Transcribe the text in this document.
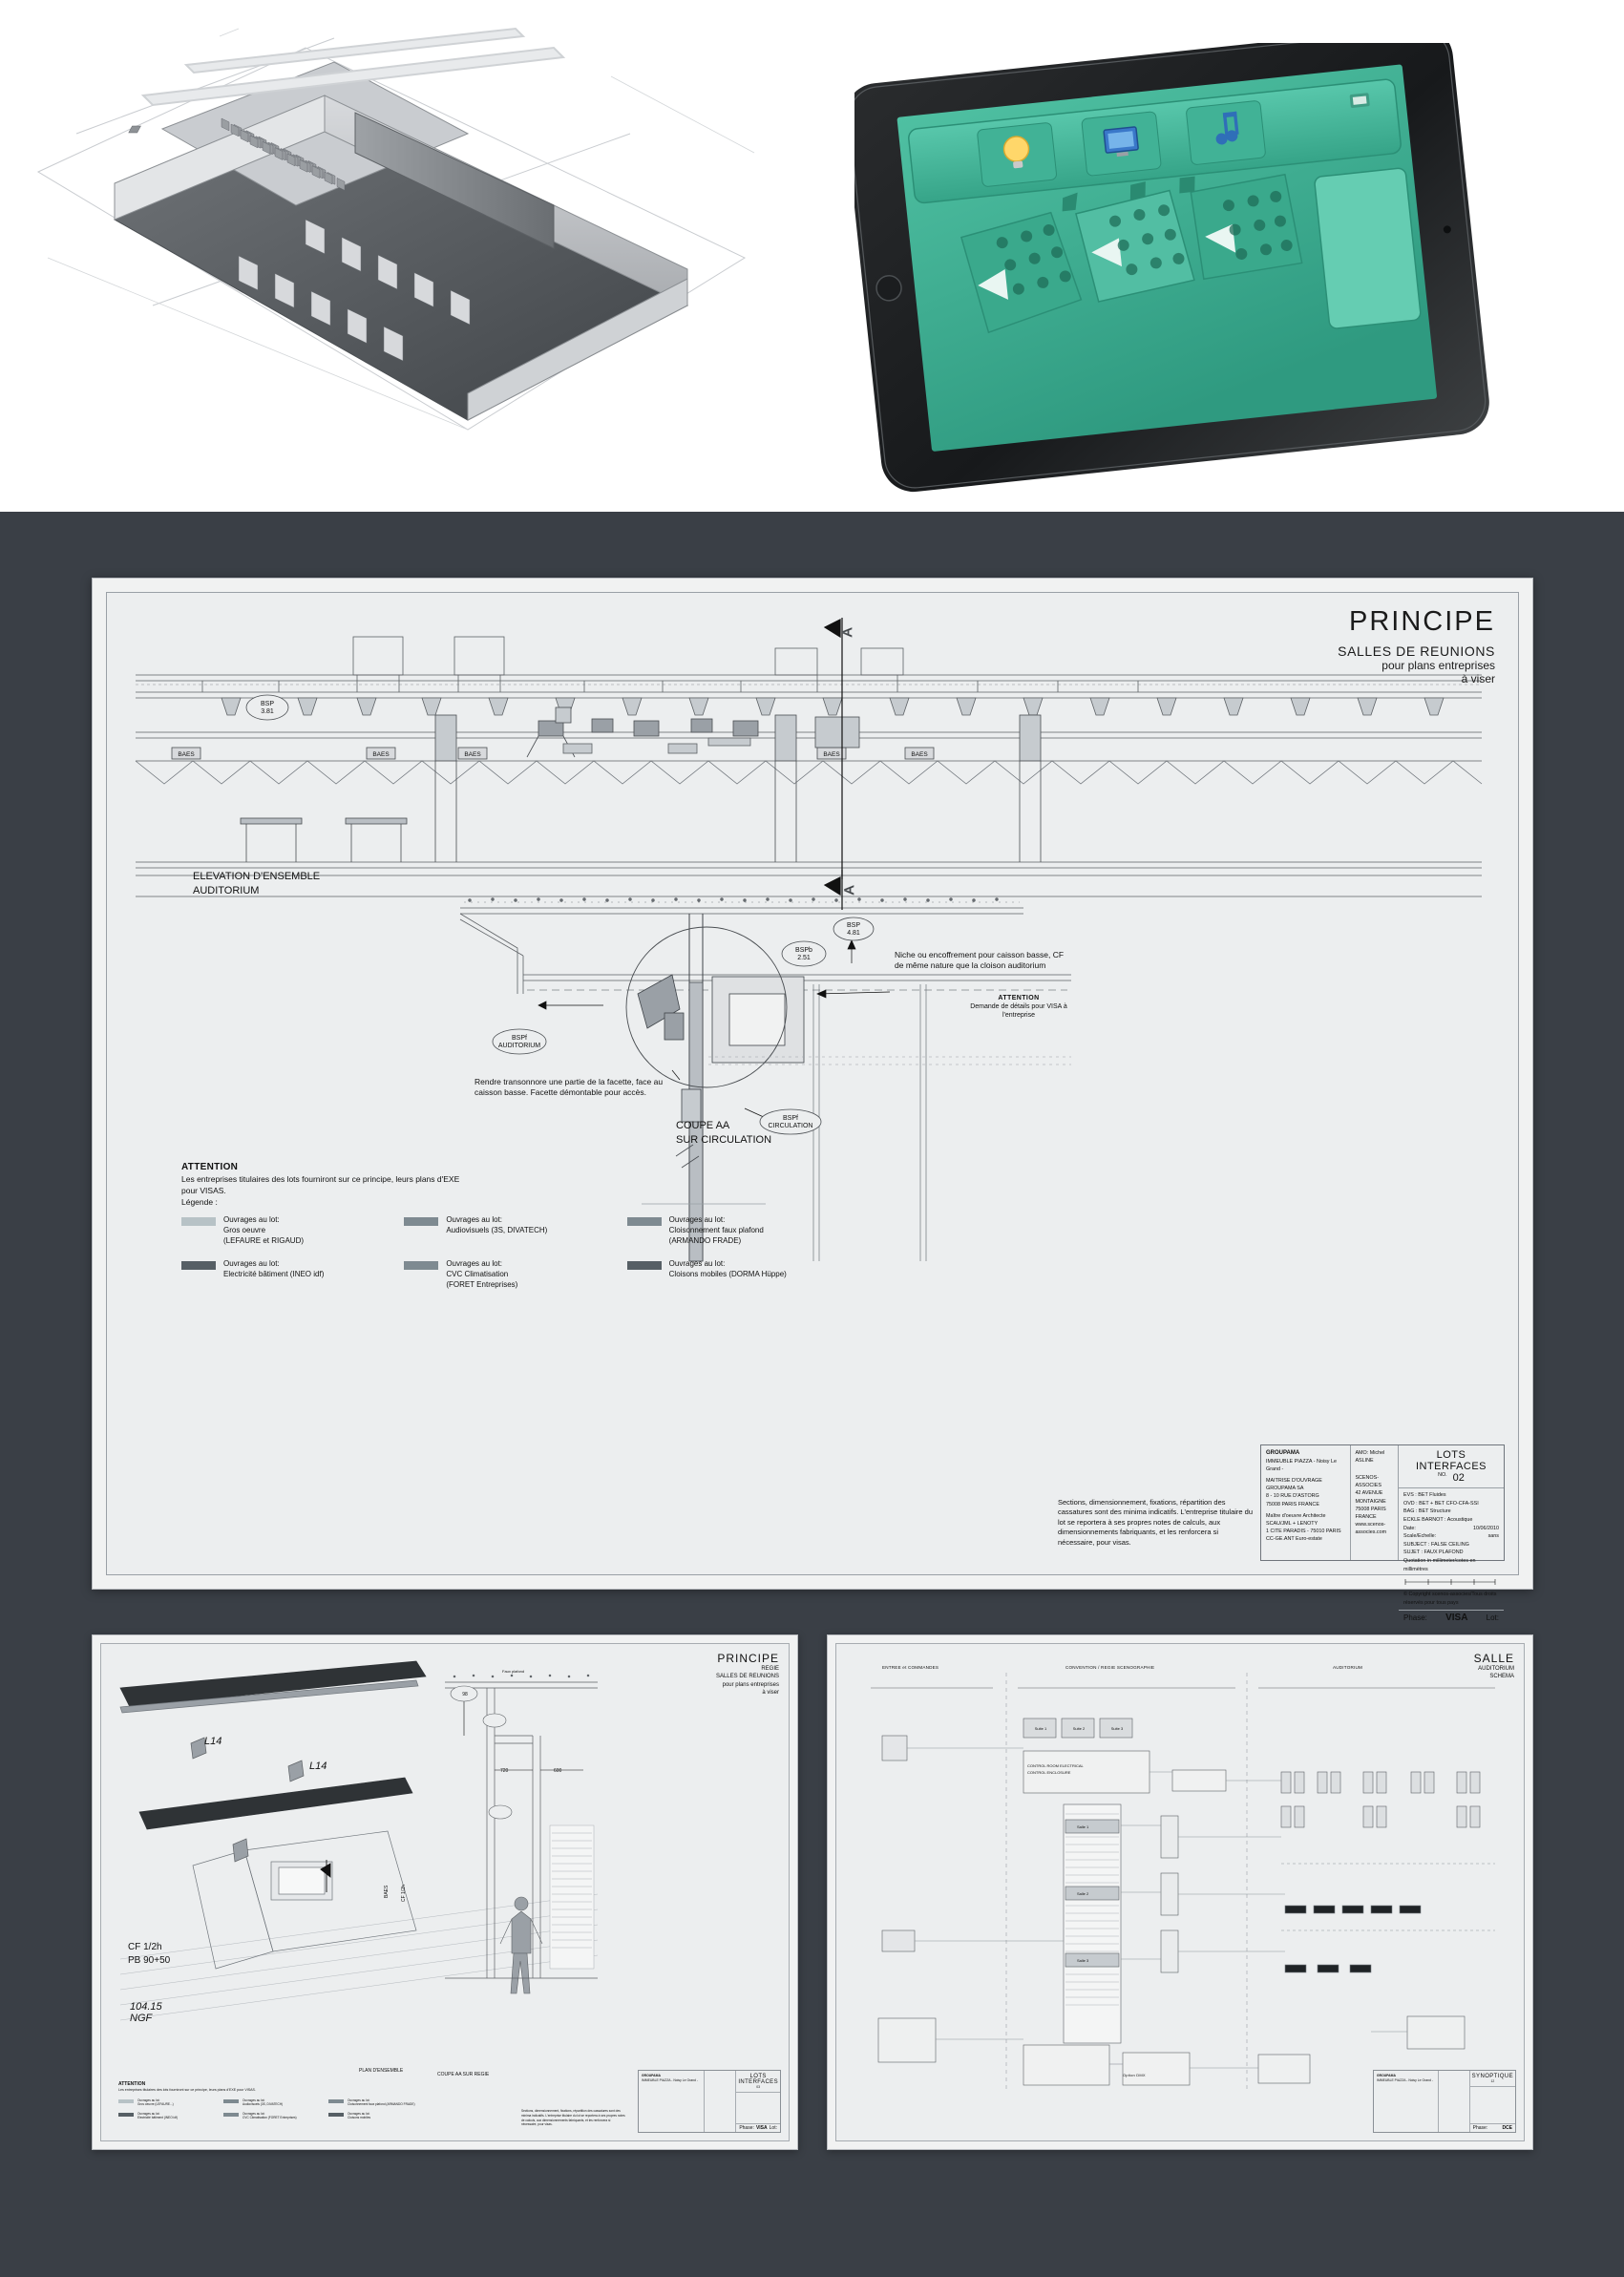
A
A
BSP
3.81
BSPf
AUDITORIUM
BSPb
2.51
BSP
4.81
BSPf
CIRCULATION
BAES	BAES	BAES	BAES	BAES
PRINCIPE
SALLES DE REUNIONS
pour plans entreprises
à viser
ELEVATION D'ENSEMBLE
AUDITORIUM
COUPE AA
SUR CIRCULATION
Niche ou encoffrement pour caisson basse, CF de même nature que la cloison auditorium
ATTENTION
Demande de détails pour VISA à l'entreprise
Rendre transonnore une partie de la facette, face au caisson basse. Facette démontable pour accès.
ATTENTION
Les entreprises titulaires des lots fourniront sur ce principe, leurs plans d'EXE pour VISAS.
Légende :
Ouvrages au lot:
Gros oeuvre
(LEFAURE et RIGAUD)
Ouvrages au lot:
Audiovisuels (3S, DIVATECH)
Ouvrages au lot:
Cloisonnement faux plafond
(ARMANDO FRADE)
Ouvrages au lot:
Electricité bâtiment (INEO idf)
Ouvrages au lot:
CVC Climatisation
(FORET Entreprises)
Ouvrages au lot:
Cloisons mobiles (DORMA Hüppe)
Sections, dimensionnement, fixations, répartition des cassatures sont des minima indicatifs. L'entreprise titulaire du lot se reportera à ses propres notes de calculs, aux dimensionnements fabriquants, et les renforcera si nécessaire, pour visas.
GROUPAMA
IMMEUBLE PIAZZA - Noisy Le Grand -
MAITRISE D'OUVRAGE
GROUPAMA SA
8 - 10 RUE D'ASTORG
75008 PARIS FRANCE
Maître d'oeuvre Architecte
SCAU/JML + LENOTY
1 CITE PARADIS - 75010 PARIS
CC-GE.ANT Euro-estate
AMO: Michel ASLINE
SCENOS-ASSOCIES
42 AVENUE MONTAIGNE
75008 PARIS FRANCE
www.scenos-associes.com
LOTS
INTERFACES
NO. 02
EVS : BET Fluides
OVD : BET + BET CFO-CFA-SSI
BAG : BET Structure
ECKLE BARNOT : Acoustique
Date:	10/06/2010
Scale/Echelle:	sans
SUBJECT : FALSE CEILING
SUJET : FAUX PLAFOND
Quotation in millimeter/cotes en millimètres
© Copyright scenos-associes/Tous droits réservés pour tous pays
Phase: VISA Lot:
720	600
98
BAES CF 1/2h
PRINCIPE
REGIE
SALLES DE REUNIONS
pour plans entreprises
à viser
L14
L14
CF 1/2h
PB 90+50
104.15
NGF
Faux plafond
PLAN D'ENSEMBLE
COUPE AA SUR REGIE
ATTENTION
Les entreprises titulaires des lots fourniront sur ce principe, leurs plans d'EXE pour VISAS.
Ouvrages au lot:
Gros oeuvre (LEFAURE...)
Ouvrages au lot:
Audiovisuels (3S, DIVATECH)
Ouvrages au lot:
Cloisonnement faux plafond (ARMANDO FRADE)
Ouvrages au lot:
Electricité bâtiment (INEO idf)
Ouvrages au lot:
CVC Climatisation (FORET Entreprises)
Ouvrages au lot:
Cloisons mobiles
Sections, dimensionnement, fixations, répartition des cassatures sont des minima indicatifs. L'entreprise titulaire du lot se reportera à ses propres notes de calculs, aux dimensionnements fabriquants, et les renforcera si nécessaire, pour visas.
GROUPAMA
IMMEUBLE PIAZZA - Noisy Le Grand -
LOTS
INTERFACES
03
Phase: VISA Lot:
Suite 1	Suite 2	Suite 3
Salle 1
Salle 2
Salle 3
CONTROL ROOM ELECTRICAL
CONTROL ENCLOSURE
SALLE
AUDITORIUM
SCHEMA
ENTREE et COMMANDES	CONVENTION / REGIE SCENOGRAPHIE	AUDITORIUM
Option DMX	GROUPAMA
IMMEUBLE PIAZZA - Noisy Le Grand -
SYNOPTIQUE
12
Phase:	DCE
